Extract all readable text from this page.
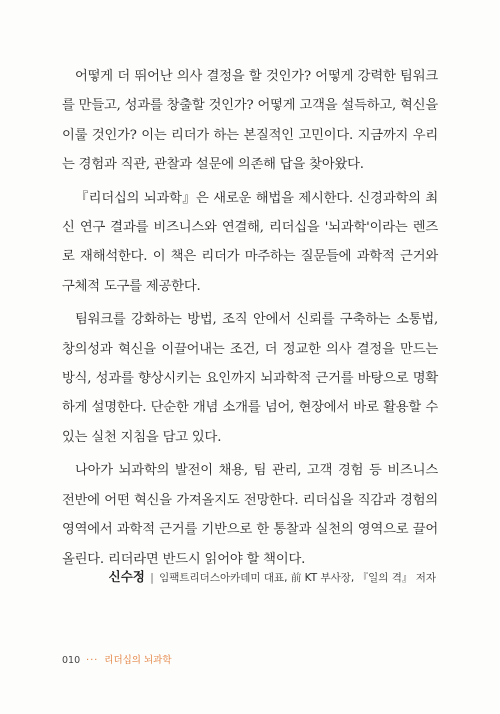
어떻게 더 뛰어난 의사 결정을 할 것인가? 어떻게 강력한 팀워크를 만들고, 성과를 창출할 것인가? 어떻게 고객을 설득하고, 혁신을 이룰 것인가? 이는 리더가 하는 본질적인 고민이다. 지금까지 우리는 경험과 직관, 관찰과 설문에 의존해 답을 찾아왔다.

『리더십의 뇌과학』은 새로운 해법을 제시한다. 신경과학의 최신 연구 결과를 비즈니스와 연결해, 리더십을 '뇌과학'이라는 렌즈로 재해석한다. 이 책은 리더가 마주하는 질문들에 과학적 근거와 구체적 도구를 제공한다.

팀워크를 강화하는 방법, 조직 안에서 신뢰를 구축하는 소통법, 창의성과 혁신을 이끌어내는 조건, 더 정교한 의사 결정을 만드는 방식, 성과를 향상시키는 요인까지 뇌과학적 근거를 바탕으로 명확하게 설명한다. 단순한 개념 소개를 넘어, 현장에서 바로 활용할 수 있는 실천 지침을 담고 있다.

나아가 뇌과학의 발전이 채용, 팀 관리, 고객 경험 등 비즈니스 전반에 어떤 혁신을 가져올지도 전망한다. 리더십을 직감과 경험의 영역에서 과학적 근거를 기반으로 한 통찰과 실천의 영역으로 끌어올린다. 리더라면 반드시 읽어야 할 책이다.

신수정 | 임팩트리더스아카데미 대표, 前 KT 부사장, 『일의 격』 저자
010 ··· 리더십의 뇌과학
